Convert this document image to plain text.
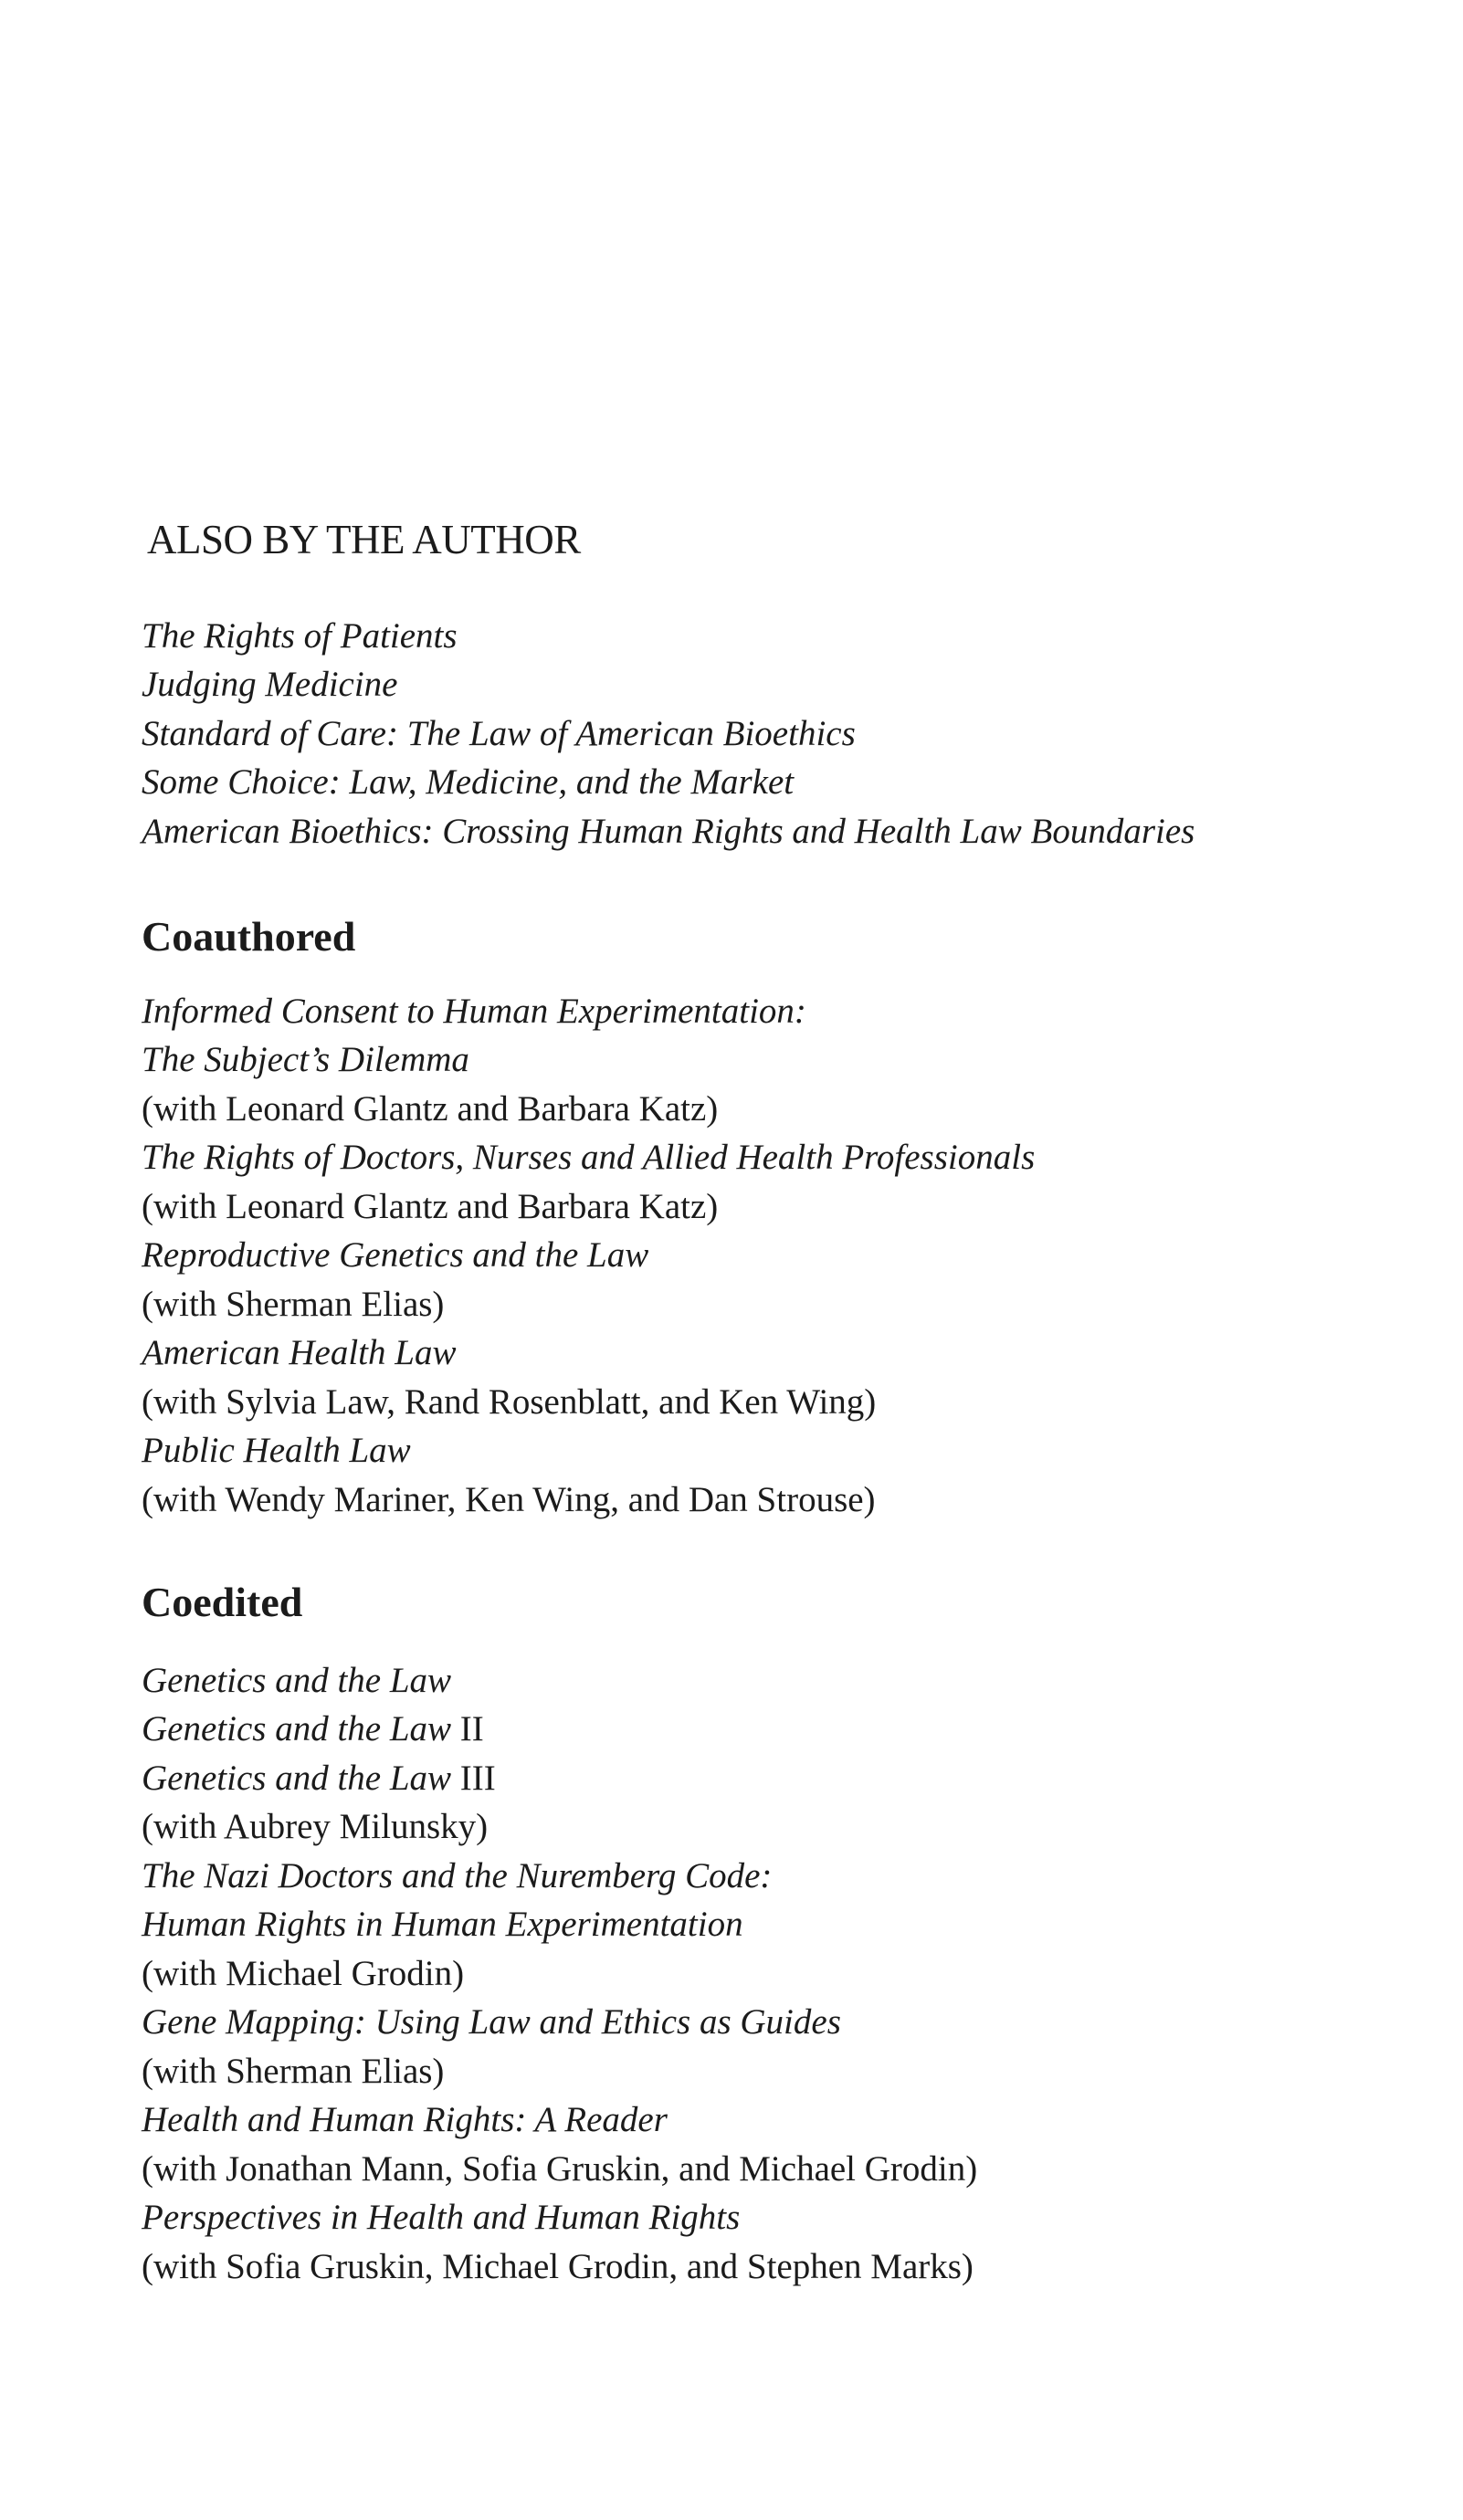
ALSO BY THE AUTHOR
The Rights of Patients
Judging Medicine
Standard of Care: The Law of American Bioethics
Some Choice: Law, Medicine, and the Market
American Bioethics: Crossing Human Rights and Health Law Boundaries
Coauthored
Informed Consent to Human Experimentation:
The Subject’s Dilemma
(with Leonard Glantz and Barbara Katz)
The Rights of Doctors, Nurses and Allied Health Professionals
(with Leonard Glantz and Barbara Katz)
Reproductive Genetics and the Law
(with Sherman Elias)
American Health Law
(with Sylvia Law, Rand Rosenblatt, and Ken Wing)
Public Health Law
(with Wendy Mariner, Ken Wing, and Dan Strouse)
Coedited
Genetics and the Law
Genetics and the Law II
Genetics and the Law III
(with Aubrey Milunsky)
The Nazi Doctors and the Nuremberg Code:
Human Rights in Human Experimentation
(with Michael Grodin)
Gene Mapping: Using Law and Ethics as Guides
(with Sherman Elias)
Health and Human Rights: A Reader
(with Jonathan Mann, Sofia Gruskin, and Michael Grodin)
Perspectives in Health and Human Rights
(with Sofia Gruskin, Michael Grodin, and Stephen Marks)
